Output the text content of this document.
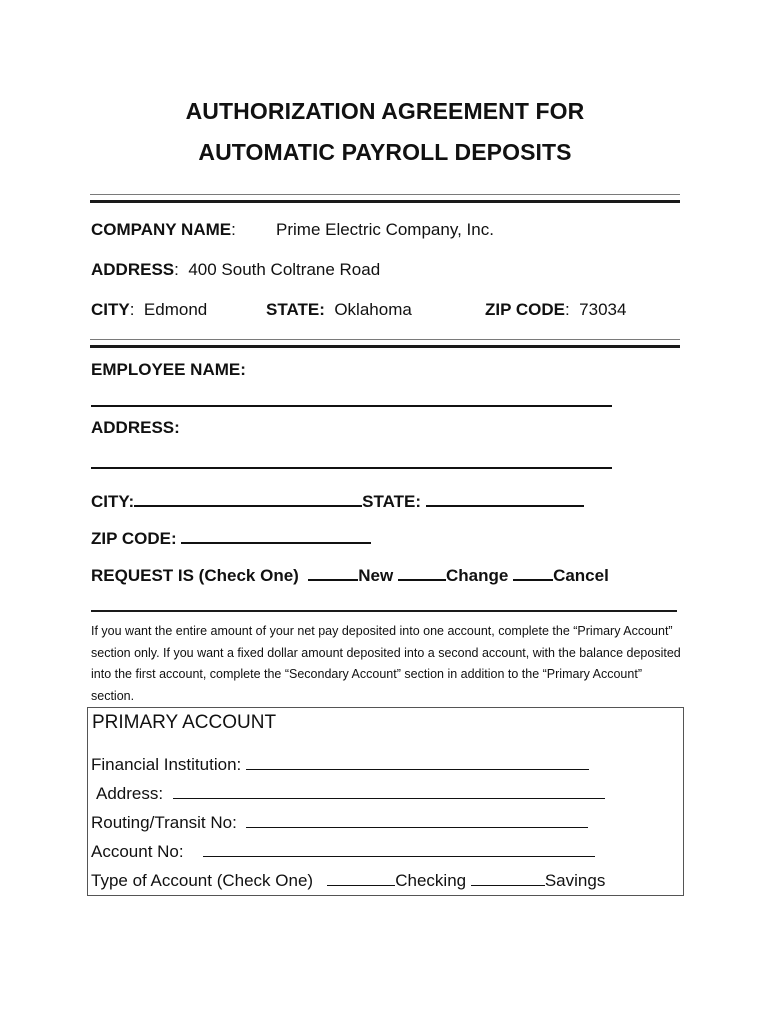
AUTHORIZATION AGREEMENT FOR
AUTOMATIC PAYROLL DEPOSITS
COMPANY NAME: Prime Electric Company, Inc.
ADDRESS: 400 South Coltrane Road
CITY: Edmond	STATE: Oklahoma	ZIP CODE: 73034
EMPLOYEE NAME:
ADDRESS:
CITY:	STATE:
ZIP CODE:
REQUEST IS (Check One)	New	Change	Cancel
If you want the entire amount of your net pay deposited into one account, complete the “Primary Account” section only. If you want a fixed dollar amount deposited into a second account, with the balance deposited into the first account, complete the “Secondary Account” section in addition to the “Primary Account” section.
PRIMARY ACCOUNT
Financial Institution:
Address:
Routing/Transit No:
Account No:
Type of Account (Check One)	Checking	Savings
